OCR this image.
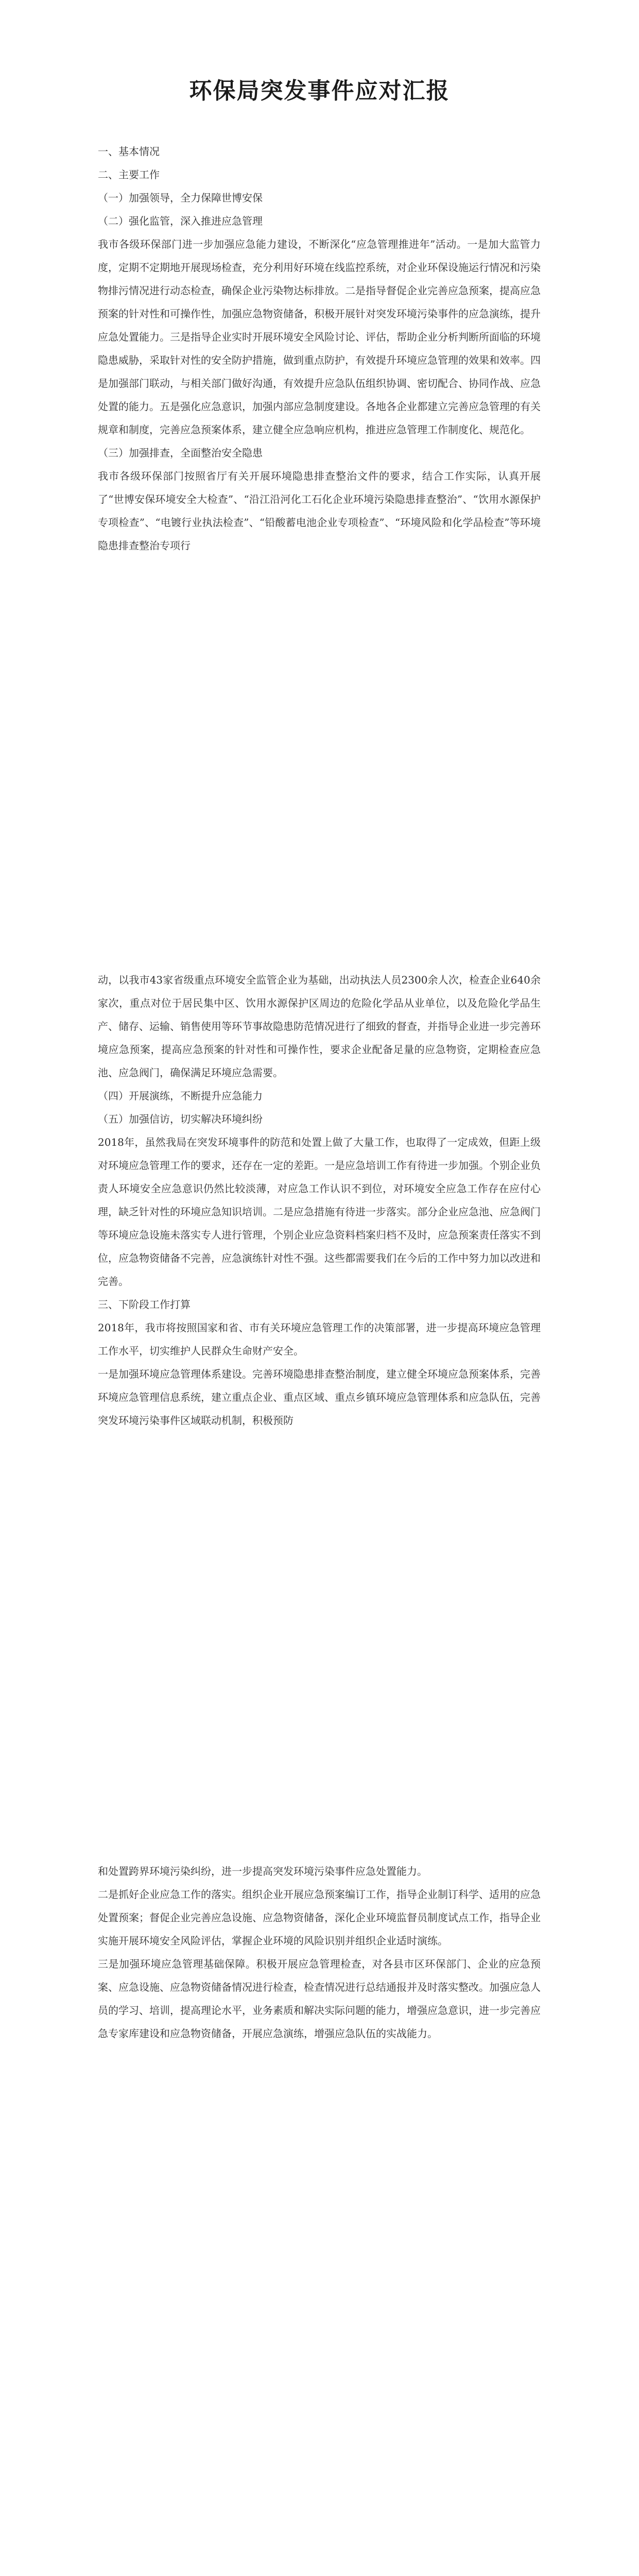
环保局突发事件应对汇报

一、基本情况

二、主要工作

（一）加强领导，全力保障世博安保

（二）强化监管，深入推进应急管理

我市各级环保部门进一步加强应急能力建设，不断深化“应急管理推进年”活动。一是加大监管力度，定期不定期地开展现场检查，充分利用好环境在线监控系统，对企业环保设施运行情况和污染物排污情况进行动态检查，确保企业污染物达标排放。二是指导督促企业完善应急预案，提高应急预案的针对性和可操作性，加强应急物资储备，积极开展针对突发环境污染事件的应急演练，提升应急处置能力。三是指导企业实时开展环境安全风险讨论、评估，帮助企业分析判断所面临的环境隐患威胁，采取针对性的安全防护措施，做到重点防护，有效提升环境应急管理的效果和效率。四是加强部门联动，与相关部门做好沟通，有效提升应急队伍组织协调、密切配合、协同作战、应急处置的能力。五是强化应急意识，加强内部应急制度建设。各地各企业都建立完善应急管理的有关规章和制度，完善应急预案体系，建立健全应急响应机构，推进应急管理工作制度化、规范化。

（三）加强排查，全面整治安全隐患

我市各级环保部门按照省厅有关开展环境隐患排查整治文件的要求，结合工作实际，认真开展了“世博安保环境安全大检查”、“沿江沿河化工石化企业环境污染隐患排查整治”、“饮用水源保护专项检查”、“电镀行业执法检查”、“铅酸蓄电池企业专项检查”、“环境风险和化学品检查”等环境隐患排查整治专项行

动，以我市43家省级重点环境安全监管企业为基础，出动执法人员2300余人次，检查企业640余家次，重点对位于居民集中区、饮用水源保护区周边的危险化学品从业单位，以及危险化学品生产、储存、运输、销售使用等环节事故隐患防范情况进行了细致的督查，并指导企业进一步完善环境应急预案，提高应急预案的针对性和可操作性，要求企业配备足量的应急物资，定期检查应急池、应急阀门，确保满足环境应急需要。

（四）开展演练，不断提升应急能力

（五）加强信访，切实解决环境纠纷

2018年，虽然我局在突发环境事件的防范和处置上做了大量工作，也取得了一定成效，但距上级对环境应急管理工作的要求，还存在一定的差距。一是应急培训工作有待进一步加强。个别企业负责人环境安全应急意识仍然比较淡薄，对应急工作认识不到位，对环境安全应急工作存在应付心理，缺乏针对性的环境应急知识培训。二是应急措施有待进一步落实。部分企业应急池、应急阀门等环境应急设施未落实专人进行管理，个别企业应急资料档案归档不及时，应急预案责任落实不到位，应急物资储备不完善，应急演练针对性不强。这些都需要我们在今后的工作中努力加以改进和完善。

三、下阶段工作打算

2018年，我市将按照国家和省、市有关环境应急管理工作的决策部署，进一步提高环境应急管理工作水平，切实维护人民群众生命财产安全。

一是加强环境应急管理体系建设。完善环境隐患排查整治制度，建立健全环境应急预案体系，完善环境应急管理信息系统，建立重点企业、重点区域、重点乡镇环境应急管理体系和应急队伍，完善突发环境污染事件区域联动机制，积极预防

和处置跨界环境污染纠纷，进一步提高突发环境污染事件应急处置能力。

二是抓好企业应急工作的落实。组织企业开展应急预案编订工作，指导企业制订科学、适用的应急处置预案；督促企业完善应急设施、应急物资储备，深化企业环境监督员制度试点工作，指导企业实施开展环境安全风险评估，掌握企业环境的风险识别并组织企业适时演练。

三是加强环境应急管理基础保障。积极开展应急管理检查，对各县市区环保部门、企业的应急预案、应急设施、应急物资储备情况进行检查，检查情况进行总结通报并及时落实整改。加强应急人员的学习、培训，提高理论水平，业务素质和解决实际问题的能力，增强应急意识，进一步完善应急专家库建设和应急物资储备，开展应急演练，增强应急队伍的实战能力。
